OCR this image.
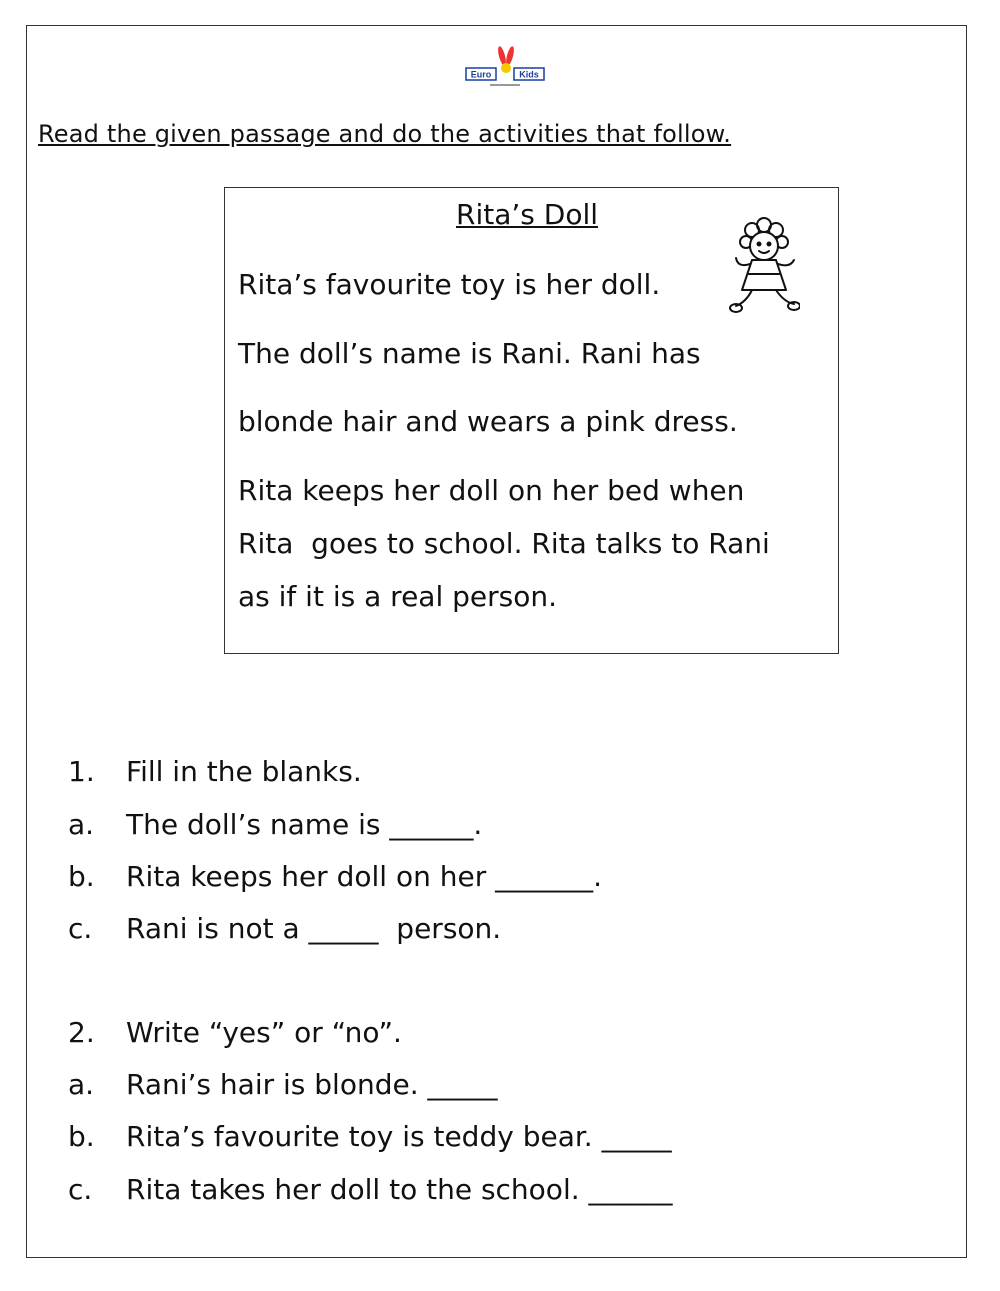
Euro	Kids
Read the given passage and do the activities that follow.
Rita’s Doll
Rita’s favourite toy is her doll.
The doll’s name is Rani. Rani has
blonde hair and wears a pink dress.
Rita keeps her doll on her bed when
Rita  goes to school. Rita talks to Rani
as if it is a real person.
1. Fill in the blanks.
a. The doll’s name is ______.
b. Rita keeps her doll on her _______.
c. Rani is not a _____  person.
2. Write “yes” or “no”.
a. Rani’s hair is blonde. _____
b. Rita’s favourite toy is teddy bear. _____
c. Rita takes her doll to the school. ______
